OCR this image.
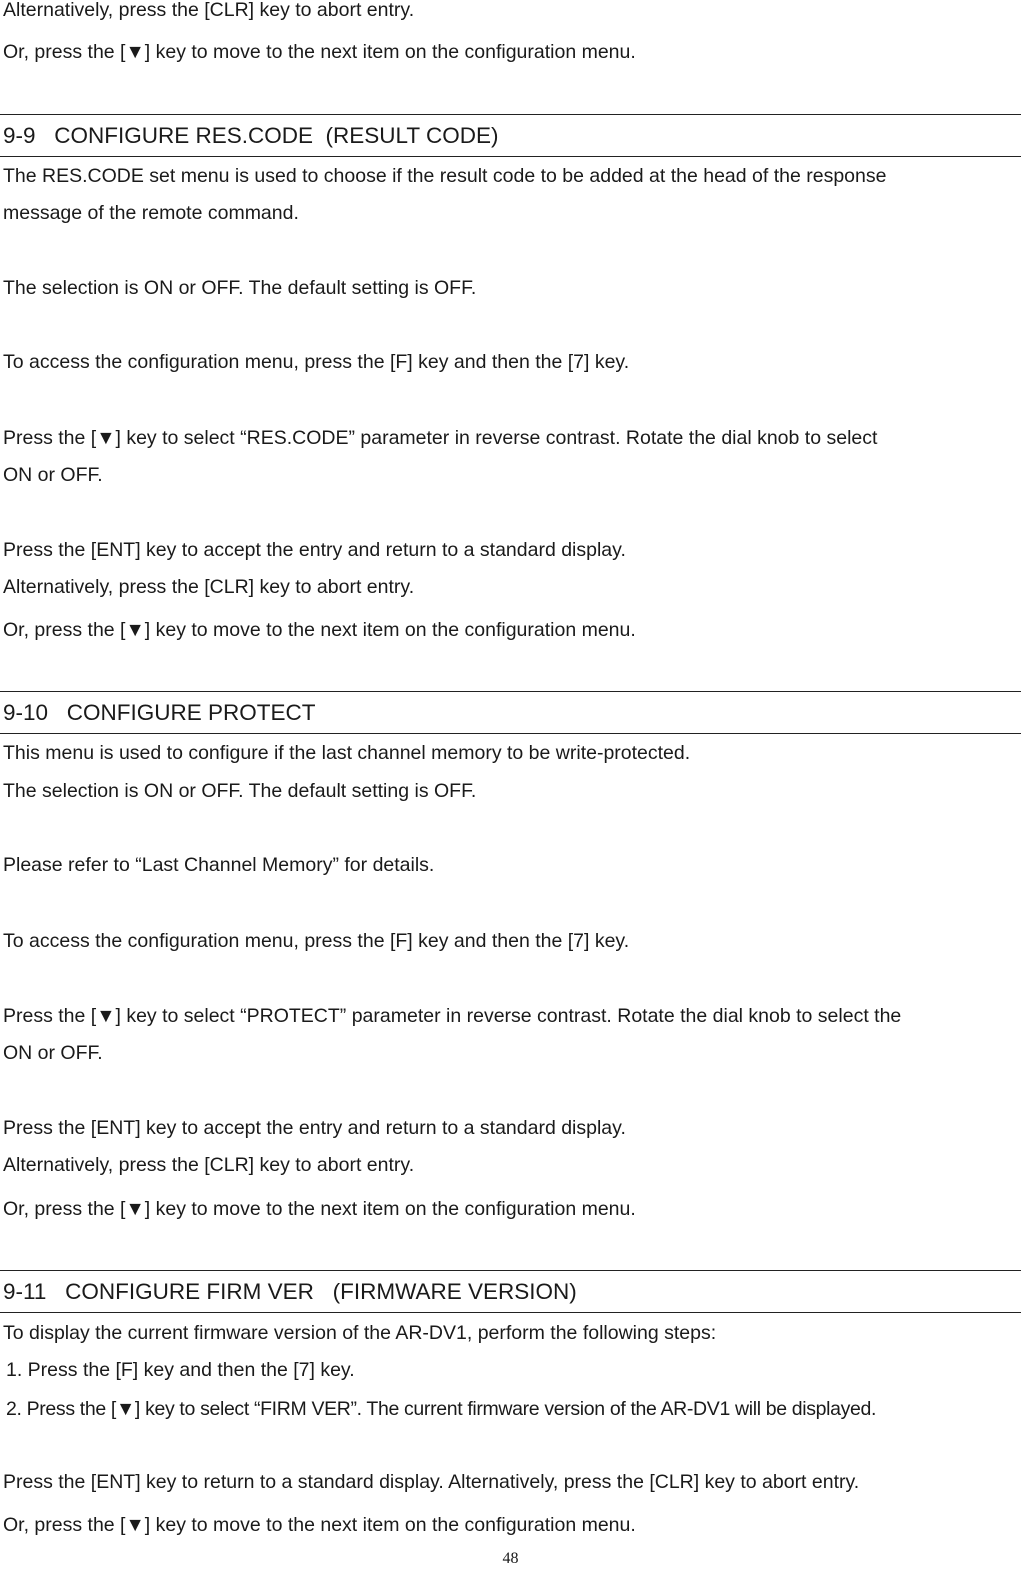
Alternatively, press the [CLR] key to abort entry.

Or, press the [▼] key to move to the next item on the configuration menu.

9-9   CONFIGURE RES.CODE  (RESULT CODE)

The RES.CODE set menu is used to choose if the result code to be added at the head of the response

message of the remote command.

The selection is ON or OFF. The default setting is OFF.

To access the configuration menu, press the [F] key and then the [7] key.

Press the [▼] key to select “RES.CODE” parameter in reverse contrast. Rotate the dial knob to select

ON or OFF.

Press the [ENT] key to accept the entry and return to a standard display.

Alternatively, press the [CLR] key to abort entry.

Or, press the [▼] key to move to the next item on the configuration menu.

9-10   CONFIGURE PROTECT

This menu is used to configure if the last channel memory to be write-protected.

The selection is ON or OFF. The default setting is OFF.

Please refer to “Last Channel Memory” for details.

To access the configuration menu, press the [F] key and then the [7] key.

Press the [▼] key to select “PROTECT” parameter in reverse contrast. Rotate the dial knob to select the

ON or OFF.

Press the [ENT] key to accept the entry and return to a standard display.

Alternatively, press the [CLR] key to abort entry.

Or, press the [▼] key to move to the next item on the configuration menu.

9-11   CONFIGURE FIRM VER   (FIRMWARE VERSION)

To display the current firmware version of the AR-DV1, perform the following steps:

1. Press the [F] key and then the [7] key.

2. Press the [▼] key to select “FIRM VER”. The current firmware version of the AR-DV1 will be displayed.

Press the [ENT] key to return to a standard display. Alternatively, press the [CLR] key to abort entry.

Or, press the [▼] key to move to the next item on the configuration menu.

48
